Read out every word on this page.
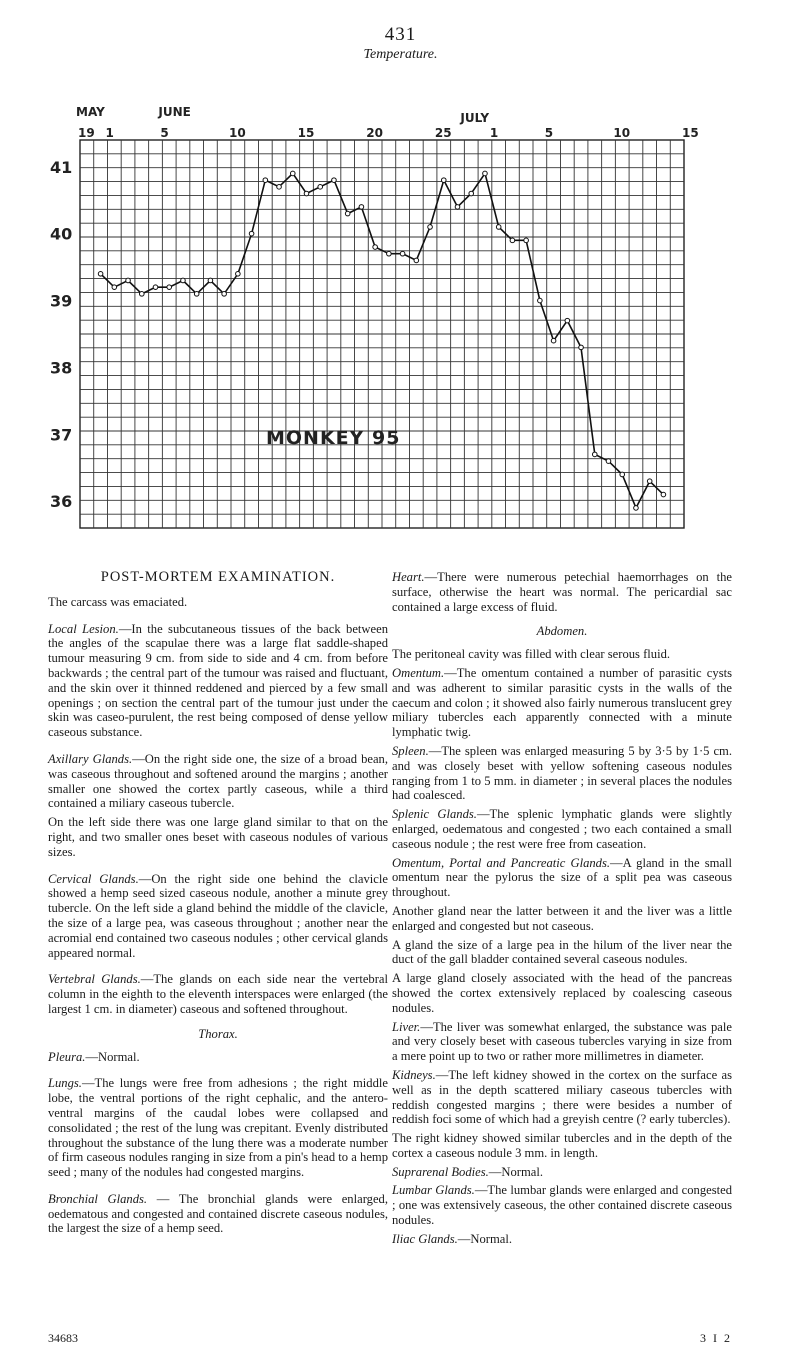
431
Temperature.
19 1	5	10	15	20	25	1	5	10	15
41
40
39
38
37
36
MAY	JUNE	JULY
MONKEY 95
POST-MORTEM EXAMINATION.

The carcass was emaciated.

Local Lesion.—In the subcutaneous tissues of the back between the angles of the scapulae there was a large flat saddle-shaped tumour measuring 9 cm. from side to side and 4 cm. from before backwards ; the central part of the tumour was raised and fluctuant, and the skin over it thinned reddened and pierced by a few small openings ; on section the central part of the tumour just under the skin was caseo-purulent, the rest being composed of dense yellow caseous substance.

Axillary Glands.—On the right side one, the size of a broad bean, was caseous throughout and softened around the margins ; another smaller one showed the cortex partly caseous, while a third contained a miliary caseous tubercle.

On the left side there was one large gland similar to that on the right, and two smaller ones beset with caseous nodules of various sizes.

Cervical Glands.—On the right side one behind the clavicle showed a hemp seed sized caseous nodule, another a minute grey tubercle. On the left side a gland behind the middle of the clavicle, the size of a large pea, was caseous throughout ; another near the acromial end contained two caseous nodules ; other cervical glands appeared normal.

Vertebral Glands.—The glands on each side near the vertebral column in the eighth to the eleventh interspaces were enlarged (the largest 1 cm. in diameter) caseous and softened throughout.

Thorax.

Pleura.—Normal.

Lungs.—The lungs were free from adhesions ; the right middle lobe, the ventral portions of the right cephalic, and the antero-ventral margins of the caudal lobes were collapsed and consolidated ; the rest of the lung was crepitant. Evenly distributed throughout the substance of the lung there was a moderate number of firm caseous nodules ranging in size from a pin's head to a hemp seed ; many of the nodules had congested margins.

Bronchial Glands. — The bronchial glands were enlarged, oedematous and congested and contained discrete caseous nodules, the largest the size of a hemp seed.

Heart.—There were numerous petechial haemorrhages on the surface, otherwise the heart was normal. The pericardial sac contained a large excess of fluid.

Abdomen.

The peritoneal cavity was filled with clear serous fluid.

Omentum.—The omentum contained a number of parasitic cysts and was adherent to similar parasitic cysts in the walls of the caecum and colon ; it showed also fairly numerous translucent grey miliary tubercles each apparently connected with a minute lymphatic twig.

Spleen.—The spleen was enlarged measuring 5 by 3·5 by 1·5 cm. and was closely beset with yellow softening caseous nodules ranging from 1 to 5 mm. in diameter ; in several places the nodules had coalesced.

Splenic Glands.—The splenic lymphatic glands were slightly enlarged, oedematous and congested ; two each contained a small caseous nodule ; the rest were free from caseation.

Omentum, Portal and Pancreatic Glands.—A gland in the small omentum near the pylorus the size of a split pea was caseous throughout.

Another gland near the latter between it and the liver was a little enlarged and congested but not caseous.

A gland the size of a large pea in the hilum of the liver near the duct of the gall bladder contained several caseous nodules.

A large gland closely associated with the head of the pancreas showed the cortex extensively replaced by coalescing caseous nodules.

Liver.—The liver was somewhat enlarged, the substance was pale and very closely beset with caseous tubercles varying in size from a mere point up to two or rather more millimetres in diameter.

Kidneys.—The left kidney showed in the cortex on the surface as well as in the depth scattered miliary caseous tubercles with reddish congested margins ; there were besides a number of reddish foci some of which had a greyish centre (? early tubercles).

The right kidney showed similar tubercles and in the depth of the cortex a caseous nodule 3 mm. in length.

Suprarenal Bodies.—Normal.

Lumbar Glands.—The lumbar glands were enlarged and congested ; one was extensively caseous, the other contained discrete caseous nodules.

Iliac Glands.—Normal.

34683	3 I 2
